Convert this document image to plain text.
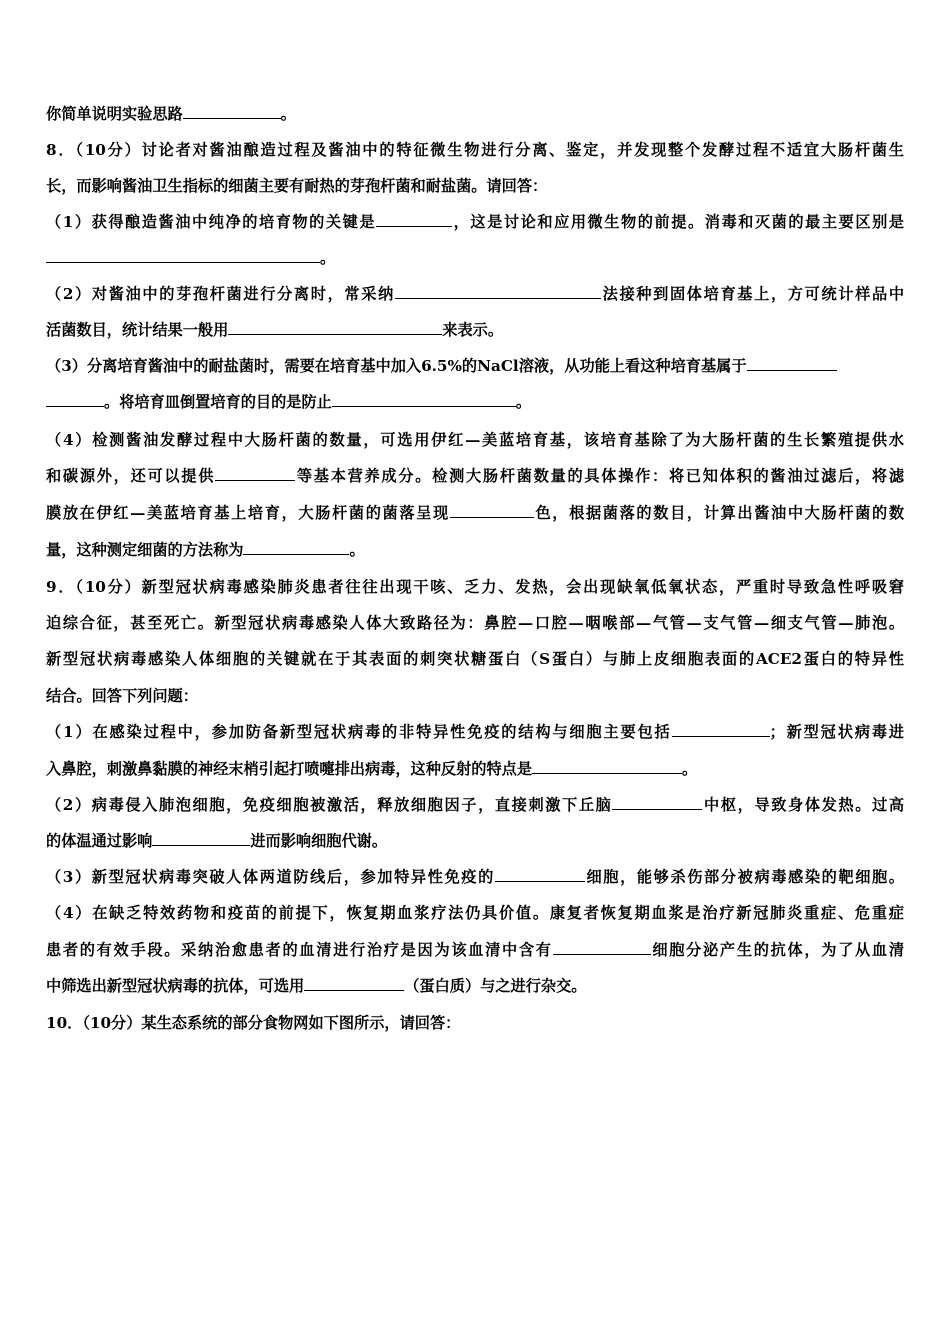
你简单说明实验思路	。
8．（10分）讨论者对酱油酿造过程及酱油中的特征微生物进行分离、鉴定，并发现整个发酵过程不适宜大肠杆菌生
长，而影响酱油卫生指标的细菌主要有耐热的芽孢杆菌和耐盐菌。请回答：
（1）获得酿造酱油中纯净的培育物的关键是	，这是讨论和应用微生物的前提。消毒和灭菌的最主要区别是
。
（2）对酱油中的芽孢杆菌进行分离时，常采纳	法接种到固体培育基上，方可统计样品中
活菌数目，统计结果一般用	来表示。
（3）分离培育酱油中的耐盐菌时，需要在培育基中加入6.5%的NaCl溶液，从功能上看这种培育基属于
。将培育皿倒置培育的目的是防止	。
（4）检测酱油发酵过程中大肠杆菌的数量，可选用伊红—美蓝培育基，该培育基除了为大肠杆菌的生长繁殖提供水
和碳源外，还可以提供	等基本营养成分。检测大肠杆菌数量的具体操作：将已知体积的酱油过滤后，将滤
膜放在伊红—美蓝培育基上培育，大肠杆菌的菌落呈现	色，根据菌落的数目，计算出酱油中大肠杆菌的数
量，这种测定细菌的方法称为	。
9．（10分）新型冠状病毒感染肺炎患者往往出现干咳、乏力、发热，会出现缺氧低氧状态，严重时导致急性呼吸窘
迫综合征，甚至死亡。新型冠状病毒感染人体大致路径为：鼻腔—口腔—咽喉部—气管—支气管—细支气管—肺泡。
新型冠状病毒感染人体细胞的关键就在于其表面的刺突状糖蛋白（S蛋白）与肺上皮细胞表面的ACE2蛋白的特异性
结合。回答下列问题：
（1）在感染过程中，参加防备新型冠状病毒的非特异性免疫的结构与细胞主要包括	；新型冠状病毒进
入鼻腔，刺激鼻黏膜的神经末梢引起打喷嚏排出病毒，这种反射的特点是	。
（2）病毒侵入肺泡细胞，免疫细胞被激活，释放细胞因子，直接刺激下丘脑	中枢，导致身体发热。过高
的体温通过影响	进而影响细胞代谢。
（3）新型冠状病毒突破人体两道防线后，参加特异性免疫的	细胞，能够杀伤部分被病毒感染的靶细胞。
（4）在缺乏特效药物和疫苗的前提下，恢复期血浆疗法仍具价值。康复者恢复期血浆是治疗新冠肺炎重症、危重症
患者的有效手段。采纳治愈患者的血清进行治疗是因为该血清中含有	细胞分泌产生的抗体，为了从血清
中筛选出新型冠状病毒的抗体，可选用	（蛋白质）与之进行杂交。
10．（10分）某生态系统的部分食物网如下图所示，请回答：
